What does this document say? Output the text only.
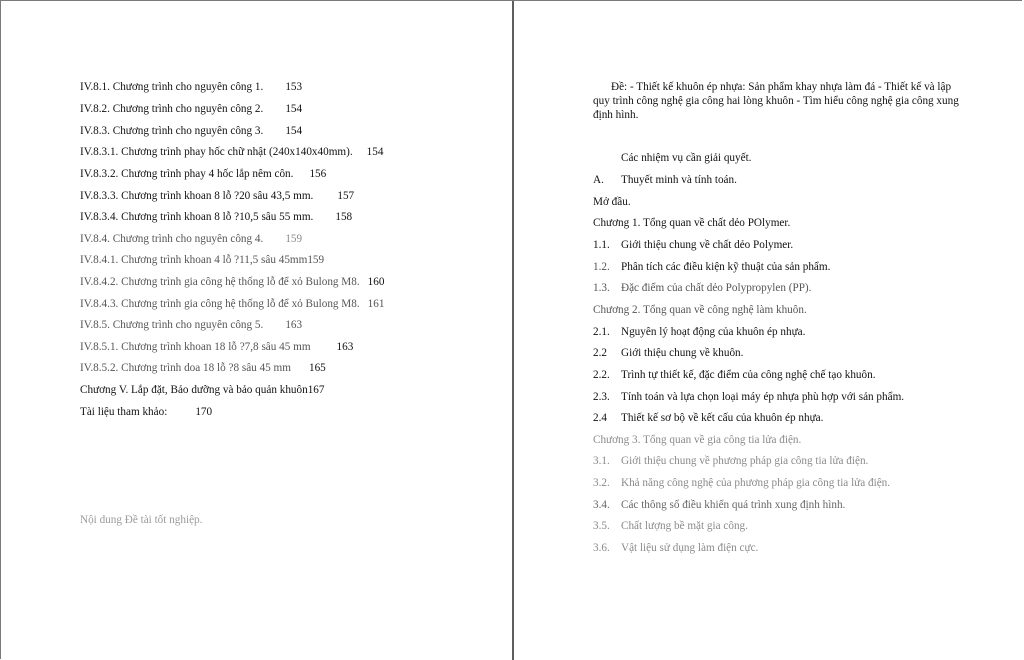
IV.8.1. Chương trình cho nguyên công 1. 153
IV.8.2. Chương trình cho nguyên công 2. 154
IV.8.3. Chương trình cho nguyên công 3. 154
IV.8.3.1. Chương trình phay hốc chữ nhật (240x140x40mm). 154
IV.8.3.2. Chương trình phay 4 hốc lắp nêm côn. 156
IV.8.3.3. Chương trình khoan 8 lỗ ?20 sâu 43,5 mm. 157
IV.8.3.4. Chương trình khoan 8 lỗ ?10,5 sâu 55 mm. 158
IV.8.4. Chương trình cho nguyên công 4. 159
IV.8.4.1. Chương trình khoan 4 lỗ ?11,5 sâu 45mm159
IV.8.4.2. Chương trình gia công hệ thống lỗ để xỏ Bulong M8. 160
IV.8.4.3. Chương trình gia công hệ thống lỗ để xỏ Bulong M8. 161
IV.8.5. Chương trình cho nguyên công 5. 163
IV.8.5.1. Chương trình khoan 18 lỗ ?7,8 sâu 45 mm 163
IV.8.5.2. Chương trình doa 18 lỗ ?8 sâu 45 mm 165
Chương V. Lắp đặt, Bảo dưỡng và bảo quản khuôn167
Tài liệu tham khảo:	170
Nội dung Đề tài tốt nghiệp.
Đề: - Thiết kế khuôn ép nhựa: Sản phẩm khay nhựa làm đá - Thiết kế và lập
quy trình công nghệ gia công hai lòng khuôn - Tìm hiểu công nghệ gia công xung
định hình.
Các nhiệm vụ cần giải quyết.
A. Thuyết minh và tính toán.
Mở đầu.
Chương 1. Tổng quan về chất dẻo POlymer.
1.1. Giới thiệu chung về chất dẻo Polymer.
1.2. Phân tích các điều kiện kỹ thuật của sản phẩm.
1.3. Đặc điểm của chất dẻo Polypropylen (PP).
Chương 2. Tổng quan về công nghệ làm khuôn.
2.1. Nguyên lý hoạt động của khuôn ép nhựa.
2.2 Giới thiệu chung về khuôn.
2.2. Trình tự thiết kế, đặc điểm của công nghệ chế tạo khuôn.
2.3. Tính toán và lựa chọn loại máy ép nhựa phù hợp với sản phẩm.
2.4 Thiết kế sơ bộ về kết cấu của khuôn ép nhựa.
Chương 3. Tổng quan về gia công tia lửa điện.
3.1. Giới thiệu chung về phương pháp gia công tia lửa điện.
3.2. Khả năng công nghệ của phương pháp gia công tia lửa điện.
3.4. Các thông số điều khiển quá trình xung định hình.
3.5. Chất lượng bề mặt gia công.
3.6. Vật liệu sử dụng làm điện cực.
